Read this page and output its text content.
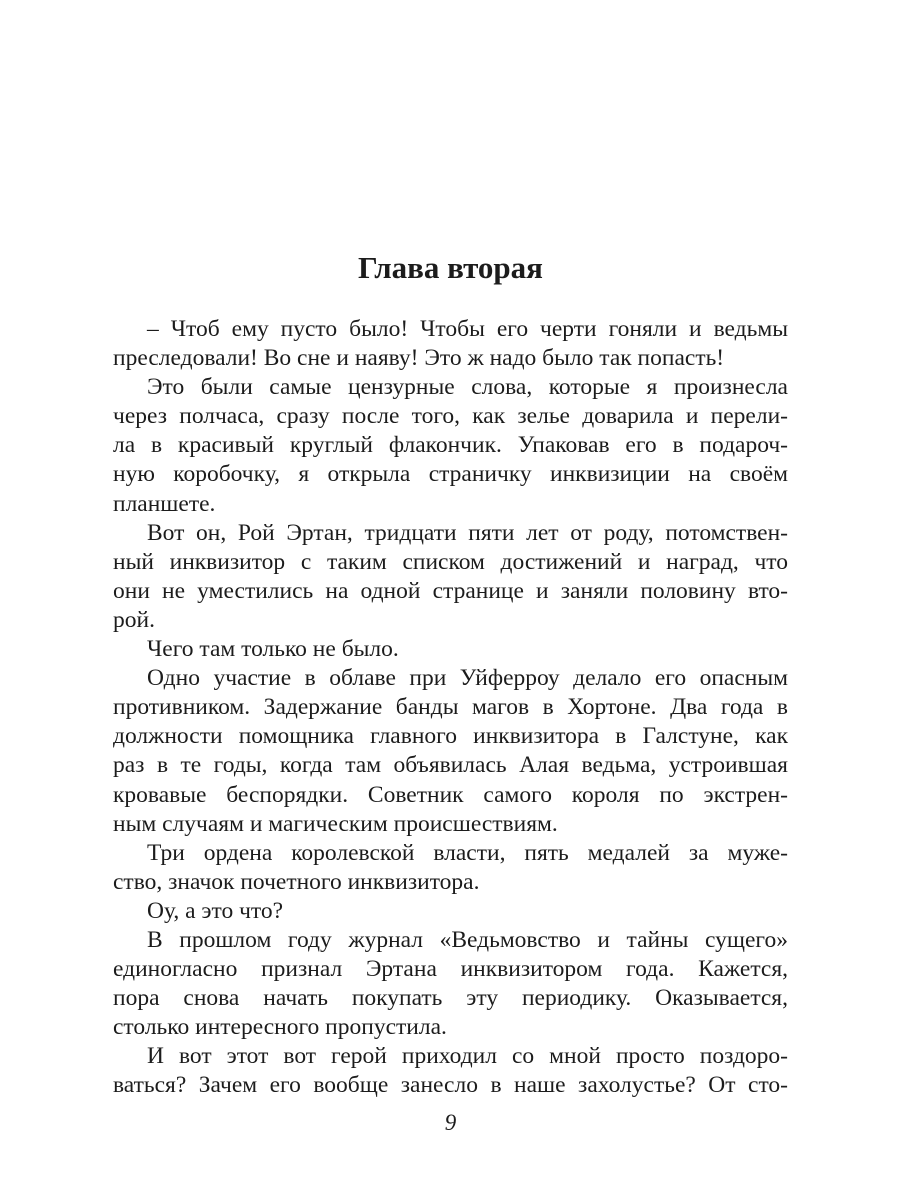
Глава вторая
– Чтоб ему пусто было! Чтобы его черти гоняли и ведьмы
преследовали! Во сне и наяву! Это ж надо было так попасть!
Это были самые цензурные слова, которые я произнесла
через полчаса, сразу после того, как зелье доварила и перели-
ла в красивый круглый флакончик. Упаковав его в подароч-
ную коробочку, я открыла страничку инквизиции на своём
планшете.
Вот он, Рой Эртан, тридцати пяти лет от роду, потомствен-
ный инквизитор с таким списком достижений и наград, что
они не уместились на одной странице и заняли половину вто-
рой.
Чего там только не было.
Одно участие в облаве при Уйферроу делало его опасным
противником. Задержание банды магов в Хортоне. Два года в
должности помощника главного инквизитора в Галстуне, как
раз в те годы, когда там объявилась Алая ведьма, устроившая
кровавые беспорядки. Советник самого короля по экстрен-
ным случаям и магическим происшествиям.
Три ордена королевской власти, пять медалей за муже-
ство, значок почетного инквизитора.
Оу, а это что?
В прошлом году журнал «Ведьмовство и тайны сущего»
единогласно признал Эртана инквизитором года. Кажется,
пора снова начать покупать эту периодику. Оказывается,
столько интересного пропустила.
И вот этот вот герой приходил со мной просто поздоро-
ваться? Зачем его вообще занесло в наше захолустье? От сто-
9
